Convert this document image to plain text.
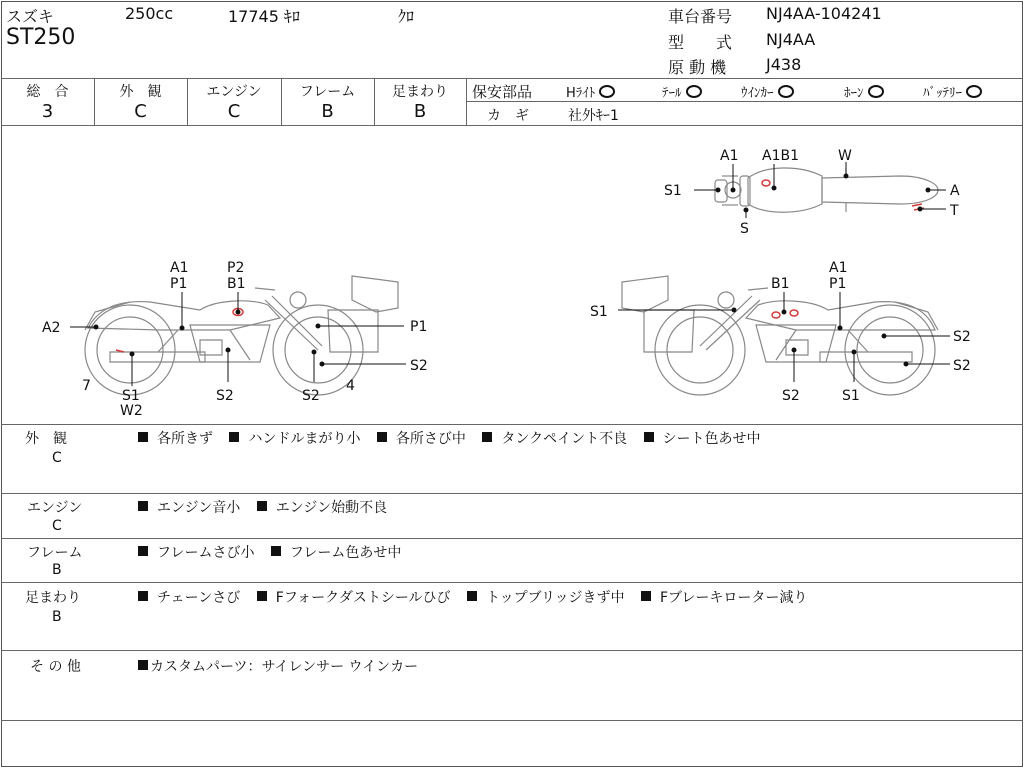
スズキ	250cc	17745 ｷﾛ	ｸﾛ
ST250
車台番号 NJ4AA-104241
型　　式 NJ4AA
原 動 機 J438
総　合
3
外　観
C
エンジン
C
フレーム
B
足まわり
B
保安部品	Hﾗｲﾄ	ﾃｰﾙ	ｳｲﾝｶｰ	ﾎｰﾝ	ﾊﾞｯﾃﾘｰ
カ　ギ	社外ｷｰ1
A1 A1B1	W
S1	A
T
S
A1
P1
P2
B1
A2	P1
S2
7
S1
W2
S2	S2
4
A1
P1
B1
S1
S2
S2
S2	S1
外　観
C
各所きず	ハンドルまがり小	各所さび中	タンクペイント不良	シート色あせ中
エンジン
C
エンジン音小	エンジン始動不良
フレーム
B
フレームさび小	フレーム色あせ中
足まわり
B
チェーンさび	Fフォークダストシールひび	トップブリッジきず中	Fブレーキローター減り
そ の 他	カスタムパーツ：サイレンサー ウインカー
